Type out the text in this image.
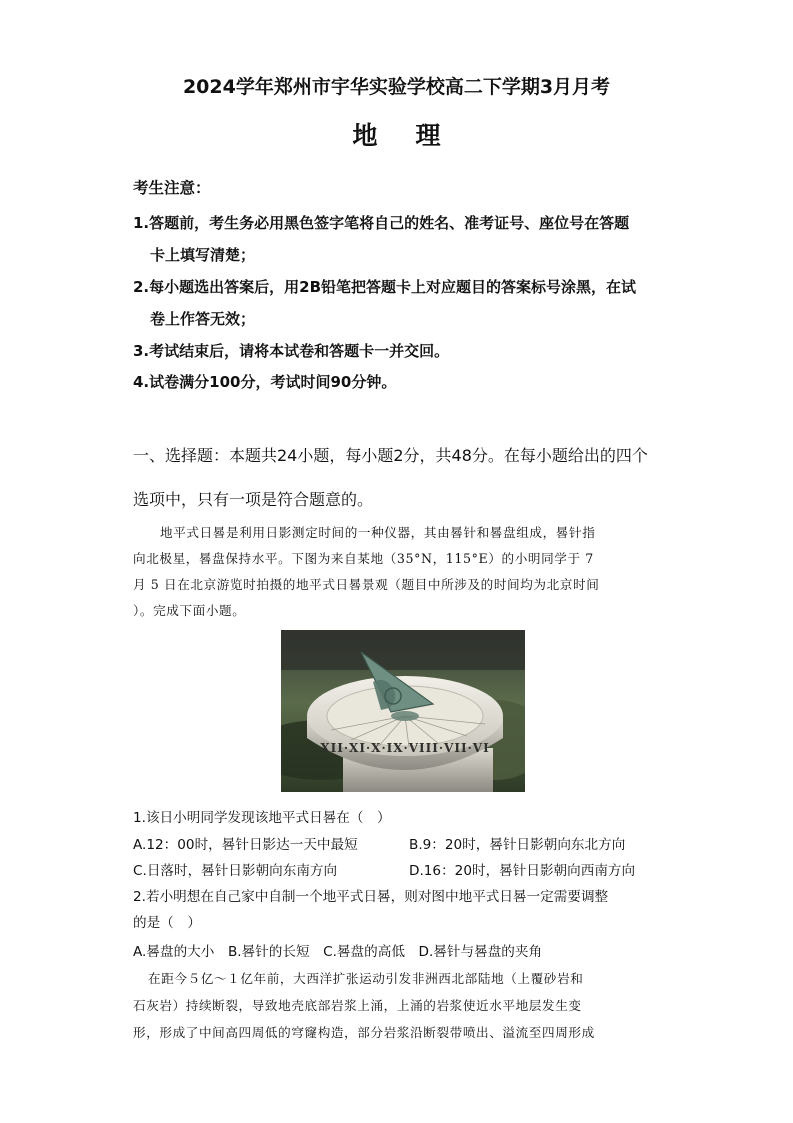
2024学年郑州市宇华实验学校高二下学期3月月考
地理
考生注意：
1.答题前，考生务必用黑色签字笔将自己的姓名、准考证号、座位号在答题
卡上填写清楚；
2.每小题选出答案后，用2B铅笔把答题卡上对应题目的答案标号涂黑，在试
卷上作答无效；
3.考试结束后，请将本试卷和答题卡一并交回。
4.试卷满分100分，考试时间90分钟。
一、选择题：本题共24小题，每小题2分，共48分。在每小题给出的四个
选项中，只有一项是符合题意的。
地平式日晷是利用日影测定时间的一种仪器，其由晷针和晷盘组成，晷针指
向北极星，晷盘保持水平。下图为来自某地（35°N，115°E）的小明同学于 7
月 5 日在北京游览时拍摄的地平式日晷景观（题目中所涉及的时间均为北京时间
）。完成下面小题。
XII·XI·X·IX·VIII·VII·VI
1.该日小明同学发现该地平式日晷在（　）
A.12：00时，晷针日影达一天中最短	B.9：20时，晷针日影朝向东北方向
C.日落时，晷针日影朝向东南方向	D.16：20时，晷针日影朝向西南方向
2.若小明想在自己家中自制一个地平式日晷，则对图中地平式日晷一定需要调整
的是（　）
A.晷盘的大小　B.晷针的长短　C.晷盘的高低　D.晷针与晷盘的夹角
在距今５亿～１亿年前，大西洋扩张运动引发非洲西北部陆地（上覆砂岩和
石灰岩）持续断裂，导致地壳底部岩浆上涌，上涌的岩浆使近水平地层发生变
形，形成了中间高四周低的穹窿构造，部分岩浆沿断裂带喷出、溢流至四周形成
